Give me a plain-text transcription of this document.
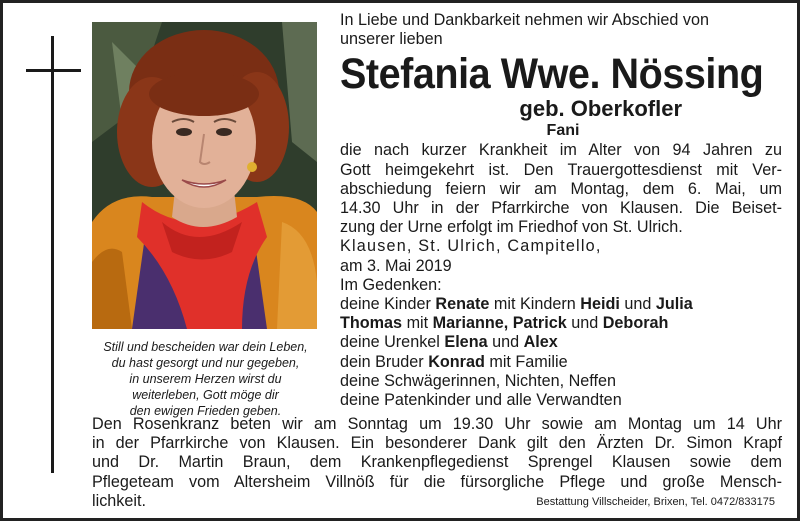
Still und bescheiden war dein Leben,
du hast gesorgt und nur gegeben,
in unserem Herzen wirst du
weiterleben, Gott möge dir
den ewigen Frieden geben.
In Liebe und Dankbarkeit nehmen wir Abschied von
unserer lieben
Stefania Wwe. Nössing
geb. Oberkofler
Fani
die nach kurzer Krankheit im Alter von 94 Jahren zu
Gott heimgekehrt ist. Den Trauergottesdienst mit Ver-
abschiedung feiern wir am Montag, dem 6. Mai, um
14.30 Uhr in der Pfarrkirche von Klausen. Die Beiset-
zung der Urne erfolgt im Friedhof von St. Ulrich.
Klausen, St. Ulrich, Campitello,
am 3. Mai 2019
Im Gedenken:
deine Kinder Renate mit Kindern Heidi und Julia
Thomas mit Marianne, Patrick und Deborah
deine Urenkel Elena und Alex
dein Bruder Konrad mit Familie
deine Schwägerinnen, Nichten, Neffen
deine Patenkinder und alle Verwandten
Den Rosenkranz beten wir am Sonntag um 19.30 Uhr sowie am Montag um 14 Uhr
in der Pfarrkirche von Klausen. Ein besonderer Dank gilt den Ärzten Dr. Simon Krapf
und Dr. Martin Braun, dem Krankenpflegedienst Sprengel Klausen sowie dem
Pflegeteam vom Altersheim Villnöß für die fürsorgliche Pflege und große Mensch-
lichkeit.	Bestattung Villscheider, Brixen, Tel. 0472/833175
